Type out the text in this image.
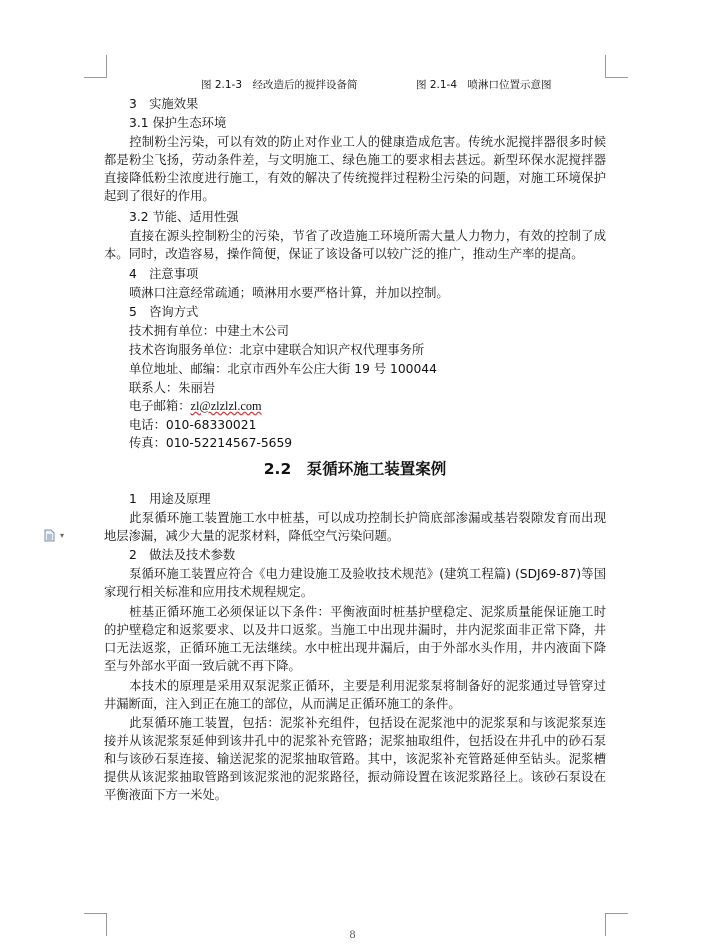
▾
图 2.1-3　经改造后的搅拌设备简	图 2.1-4　喷淋口位置示意图
3　实施效果
3.1 保护生态环境
控制粉尘污染，可以有效的防止对作业工人的健康造成危害。传统水泥搅拌器很多时候都是粉尘飞扬，劳动条件差，与文明施工、绿色施工的要求相去甚远。新型环保水泥搅拌器直接降低粉尘浓度进行施工，有效的解决了传统搅拌过程粉尘污染的问题，对施工环境保护起到了很好的作用。
3.2 节能、适用性强
直接在源头控制粉尘的污染，节省了改造施工环境所需大量人力物力，有效的控制了成本。同时，改造容易，操作简便，保证了该设备可以较广泛的推广，推动生产率的提高。
4　注意事项
喷淋口注意经常疏通；喷淋用水要严格计算，并加以控制。
5　咨询方式
技术拥有单位：中建土木公司
技术咨询服务单位：北京中建联合知识产权代理事务所
单位地址、邮编：北京市西外车公庄大街 19 号 100044
联系人：朱丽岩
电子邮箱：zl@zlzlzl.com
电话：010-68330021
传真：010-52214567-5659
2.2　泵循环施工装置案例
1　用途及原理
此泵循环施工装置施工水中桩基，可以成功控制长护筒底部渗漏或基岩裂隙发育而出现地层渗漏，减少大量的泥浆材料，降低空气污染问题。
2　做法及技术参数
泵循环施工装置应符合《电力建设施工及验收技术规范》(建筑工程篇) (SDJ69-87)等国家现行相关标准和应用技术规程规定。
桩基正循环施工必须保证以下条件：平衡液面时桩基护壁稳定、泥浆质量能保证施工时的护壁稳定和返浆要求、以及井口返浆。当施工中出现井漏时，井内泥浆面非正常下降，井口无法返浆，正循环施工无法继续。水中桩出现井漏后，由于外部水头作用，井内液面下降至与外部水平面一致后就不再下降。
本技术的原理是采用双泵泥浆正循环，主要是利用泥浆泵将制备好的泥浆通过导管穿过井漏断面，注入到正在施工的部位，从而满足正循环施工的条件。
此泵循环施工装置，包括：泥浆补充组件，包括设在泥浆池中的泥浆泵和与该泥浆泵连接并从该泥浆泵延伸到该井孔中的泥浆补充管路；泥浆抽取组件，包括设在井孔中的砂石泵和与该砂石泵连接、输送泥浆的泥浆抽取管路。其中，该泥浆补充管路延伸至钻头。泥浆槽提供从该泥浆抽取管路到该泥浆池的泥浆路径，振动筛设置在该泥浆路径上。该砂石泵设在平衡液面下方一米处。
8
